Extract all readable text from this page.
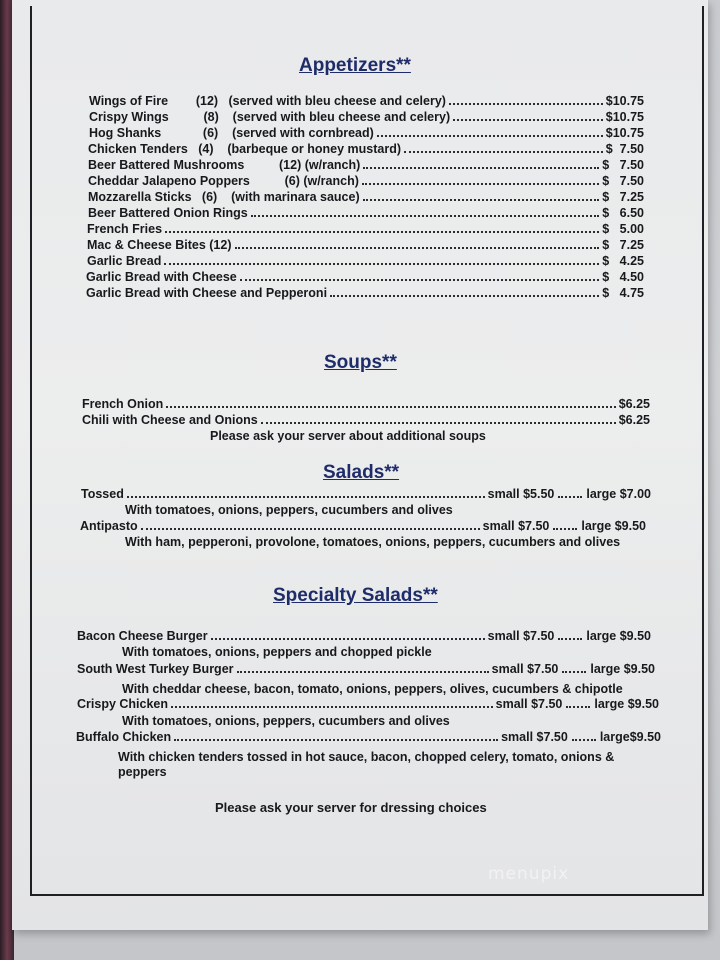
Appetizers**
Wings of Fire        (12)   (served with bleu cheese and celery)	$10.75
Crispy Wings          (8)    (served with bleu cheese and celery)	$10.75
Hog Shanks            (6)    (served with cornbread)	$10.75
Chicken Tenders   (4)    (barbeque or honey mustard)	$  7.50
Beer Battered Mushrooms          (12) (w/ranch)	$   7.50
Cheddar Jalapeno Poppers          (6) (w/ranch)	$   7.50
Mozzarella Sticks   (6)    (with marinara sauce)	$   7.25
Beer Battered Onion Rings	$   6.50
French Fries	$   5.00
Mac & Cheese Bites (12)	$   7.25
Garlic Bread	$   4.25
Garlic Bread with Cheese	$   4.50
Garlic Bread with Cheese and Pepperoni	$   4.75
Soups**
French Onion	$6.25
Chili with Cheese and Onions	$6.25
Please ask your server about additional soups
Salads**
Tossed	small $5.50	large $7.00
With tomatoes, onions, peppers, cucumbers and olives
Antipasto	small $7.50	large $9.50
With ham, pepperoni, provolone, tomatoes, onions, peppers, cucumbers and olives
Specialty Salads**
Bacon Cheese Burger	small $7.50	large $9.50
With tomatoes, onions, peppers and chopped pickle
South West Turkey Burger	small $7.50	large $9.50
With cheddar cheese, bacon, tomato, onions, peppers, olives, cucumbers & chipotle
Crispy Chicken	small $7.50	large $9.50
With tomatoes, onions, peppers, cucumbers and olives
Buffalo Chicken	small $7.50	large$9.50
With chicken tenders tossed in hot sauce, bacon, chopped celery, tomato, onions &
peppers
Please ask your server for dressing choices
menupix
